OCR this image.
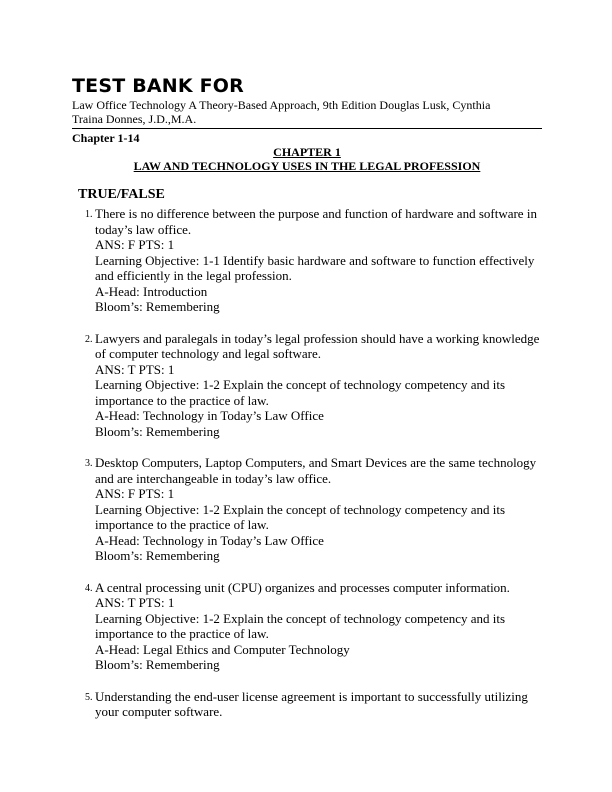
TEST BANK FOR

Law Office Technology A Theory-Based Approach, 9th Edition Douglas Lusk, Cynthia Traina Donnes, J.D.,M.A.

Chapter 1-14

CHAPTER 1

LAW AND TECHNOLOGY USES IN THE LEGAL PROFESSION

TRUE/FALSE
1. There is no difference between the purpose and function of hardware and software in today’s law office.

ANS: F PTS: 1

Learning Objective: 1-1 Identify basic hardware and software to function effectively and efficiently in the legal profession.

A-Head: Introduction

Bloom’s: Remembering

2. Lawyers and paralegals in today’s legal profession should have a working knowledge of computer technology and legal software.

ANS: T PTS: 1

Learning Objective: 1-2 Explain the concept of technology competency and its importance to the practice of law.

A-Head: Technology in Today’s Law Office

Bloom’s: Remembering

3. Desktop Computers, Laptop Computers, and Smart Devices are the same technology and are interchangeable in today’s law office.

ANS: F PTS: 1

Learning Objective: 1-2 Explain the concept of technology competency and its importance to the practice of law.

A-Head: Technology in Today’s Law Office

Bloom’s: Remembering

4. A central processing unit (CPU) organizes and processes computer information.

ANS: T PTS: 1

Learning Objective: 1-2 Explain the concept of technology competency and its importance to the practice of law.

A-Head: Legal Ethics and Computer Technology

Bloom’s: Remembering

5. Understanding the end-user license agreement is important to successfully utilizing your computer software.
